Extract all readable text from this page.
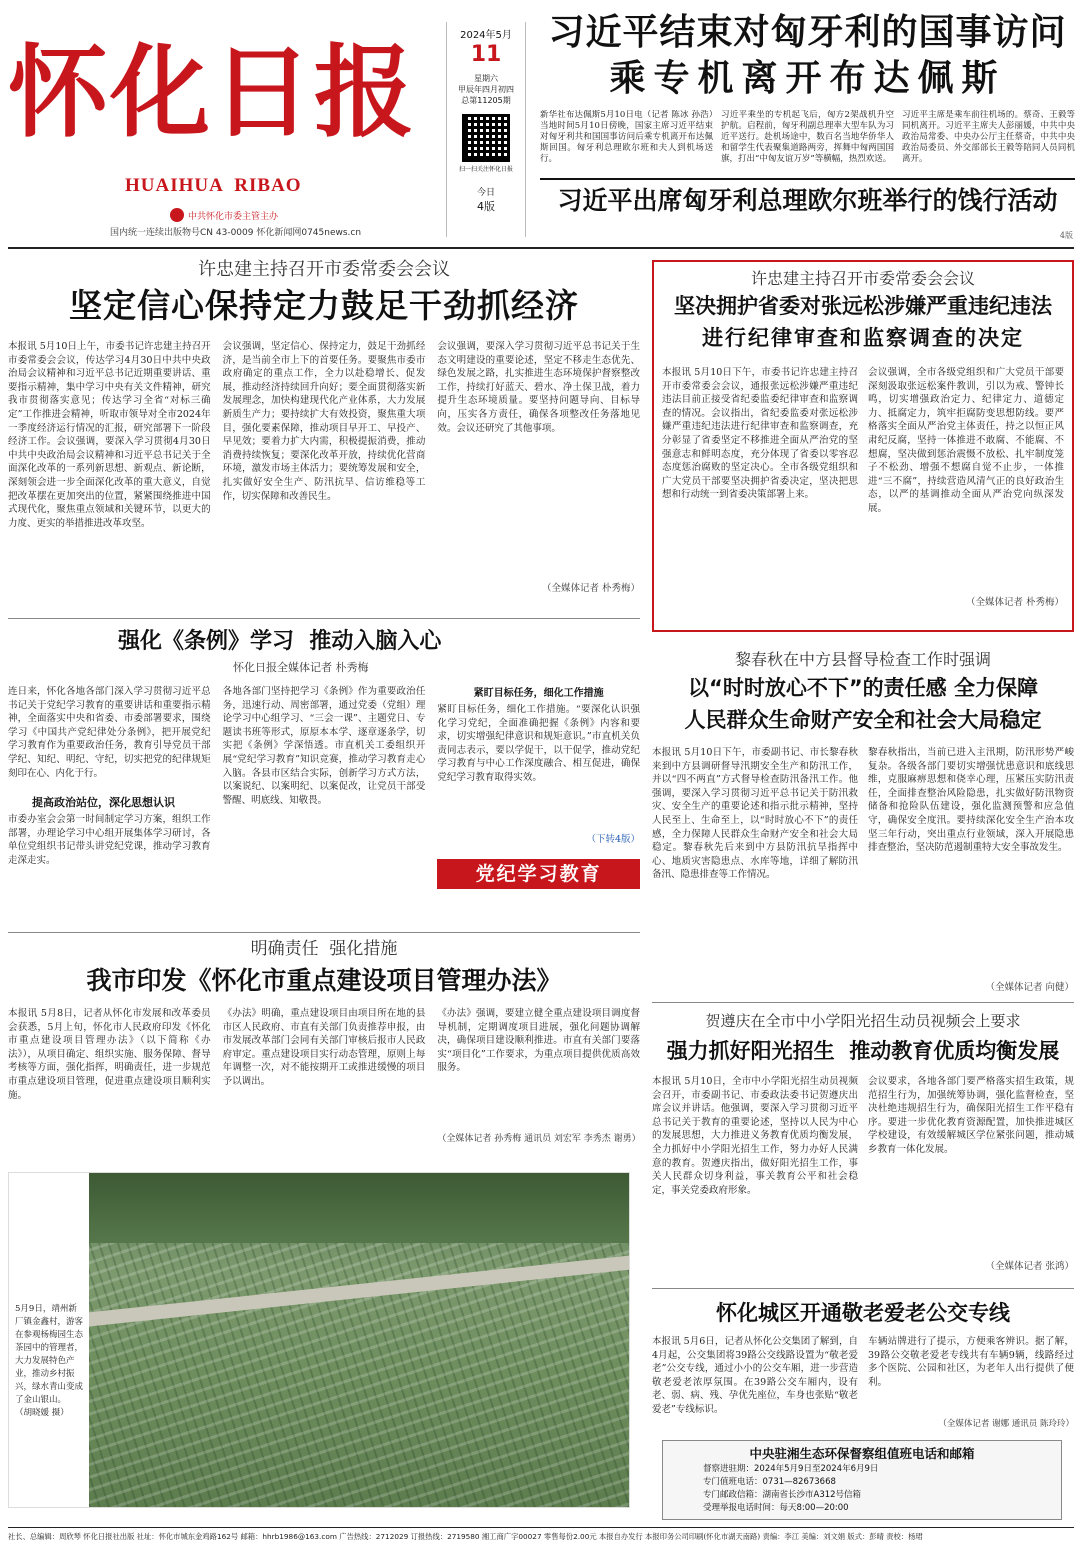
怀化日报
HUAIHUA  RIBAO
中共怀化市委主管主办
国内统一连续出版物号CN 43-0009 怀化新闻网0745news.cn
2024年5月
11
星期六
甲辰年四月初四
总第11205期
扫一扫关注怀化日报
今日
4版
习近平结束对匈牙利的国事访问
乘专机离开布达佩斯
新华社布达佩斯5月10日电（记者 陈冰 孙浩）当地时间5月10日傍晚，国家主席习近平结束对匈牙利共和国国事访问后乘专机离开布达佩斯回国。匈牙利总理欧尔班和夫人到机场送行。
习近平乘坐的专机起飞后，匈方2架战机升空护航。启程前，匈牙利副总理率大型车队为习近平送行。赴机场途中，数百名当地华侨华人和留学生代表聚集道路两旁，挥舞中匈两国国旗，打出“中匈友谊万岁”等横幅，热烈欢送。
习近平主席是乘车前往机场的。蔡奇、王毅等同机离开。习近平主席夫人彭丽媛，中共中央政治局常委、中央办公厅主任蔡奇，中共中央政治局委员、外交部部长王毅等陪同人员同机离开。
习近平出席匈牙利总理欧尔班举行的饯行活动
4版
许忠建主持召开市委常委会会议
坚定信心保持定力鼓足干劲抓经济
本报讯 5月10日上午，市委书记许忠建主持召开市委常委会会议，传达学习4月30日中共中央政治局会议精神和习近平总书记近期重要讲话、重要指示精神，集中学习中央有关文件精神，研究我市贯彻落实意见；传达学习全省“对标三确定”工作推进会精神，听取市领导对全市2024年一季度经济运行情况的汇报，研究部署下一阶段经济工作。会议强调，要深入学习贯彻4月30日中共中央政治局会议精神和习近平总书记关于全面深化改革的一系列新思想、新观点、新论断，深刻领会进一步全面深化改革的重大意义，自觉把改革摆在更加突出的位置，紧紧围绕推进中国式现代化，聚焦重点领域和关键环节，以更大的力度、更实的举措推进改革攻坚。
会议强调，坚定信心、保持定力，鼓足干劲抓经济，是当前全市上下的首要任务。要聚焦市委市政府确定的重点工作，全力以赴稳增长、促发展，推动经济持续回升向好；要全面贯彻落实新发展理念，加快构建现代化产业体系，大力发展新质生产力；要持续扩大有效投资，聚焦重大项目，强化要素保障，推动项目早开工、早投产、早见效；要着力扩大内需，积极提振消费，推动消费持续恢复；要深化改革开放，持续优化营商环境，激发市场主体活力；要统筹发展和安全，扎实做好安全生产、防汛抗旱、信访维稳等工作，切实保障和改善民生。
会议强调，要深入学习贯彻习近平总书记关于生态文明建设的重要论述，坚定不移走生态优先、绿色发展之路，扎实推进生态环境保护督察整改工作，持续打好蓝天、碧水、净土保卫战，着力提升生态环境质量。要坚持问题导向、目标导向，压实各方责任，确保各项整改任务落地见效。会议还研究了其他事项。
（全媒体记者 朴秀梅）
许忠建主持召开市委常委会会议
坚决拥护省委对张远松涉嫌严重违纪违法
进行纪律审查和监察调查的决定
本报讯 5月10日下午，市委书记许忠建主持召开市委常委会会议，通报张远松涉嫌严重违纪违法目前正接受省纪委监委纪律审查和监察调查的情况。会议指出，省纪委监委对张远松涉嫌严重违纪违法进行纪律审查和监察调查，充分彰显了省委坚定不移推进全面从严治党的坚强意志和鲜明态度，充分体现了省委以零容忍态度惩治腐败的坚定决心。全市各级党组织和广大党员干部要坚决拥护省委决定，坚决把思想和行动统一到省委决策部署上来。
会议强调，全市各级党组织和广大党员干部要深刻汲取张远松案件教训，引以为戒、警钟长鸣，切实增强政治定力、纪律定力、道德定力、抵腐定力，筑牢拒腐防变思想防线。要严格落实全面从严治党主体责任，持之以恒正风肃纪反腐，坚持一体推进不敢腐、不能腐、不想腐，坚决做到惩治震慑不放松、扎牢制度笼子不松劲、增强不想腐自觉不止步，一体推进“三不腐”，持续营造风清气正的良好政治生态，以严的基调推动全面从严治党向纵深发展。
（全媒体记者 朴秀梅）
强化《条例》学习  推动入脑入心
怀化日报全媒体记者 朴秀梅
连日来，怀化各地各部门深入学习贯彻习近平总书记关于党纪学习教育的重要讲话和重要指示精神，全面落实中央和省委、市委部署要求，围绕学习《中国共产党纪律处分条例》，把开展党纪学习教育作为重要政治任务，教育引导党员干部学纪、知纪、明纪、守纪，切实把党的纪律规矩刻印在心、内化于行。
提高政治站位，深化思想认识
市委办室会会第一时间制定学习方案，组织工作部署，办理论学习中心组开展集体学习研讨，各单位党组织书记带头讲党纪党课，推动学习教育走深走实。
各地各部门坚持把学习《条例》作为重要政治任务，迅速行动、周密部署，通过党委（党组）理论学习中心组学习、“三会一课”、主题党日、专题读书班等形式，原原本本学、逐章逐条学，切实把《条例》学深悟透。市直机关工委组织开展“党纪学习教育”知识竞赛，推动学习教育走心入脑。各县市区结合实际，创新学习方式方法，以案说纪、以案明纪、以案促改，让党员干部受警醒、明底线、知敬畏。
紧盯目标任务，细化工作措施
紧盯目标任务，细化工作措施。“要深化认识强化学习党纪，全面准确把握《条例》内容和要求，切实增强纪律意识和规矩意识。”市直机关负责同志表示，要以学促干，以干促学，推动党纪学习教育与中心工作深度融合、相互促进，确保党纪学习教育取得实效。
（下转4版）
党纪学习教育
黎春秋在中方县督导检查工作时强调
以“时时放心不下”的责任感 全力保障
人民群众生命财产安全和社会大局稳定
本报讯 5月10日下午，市委副书记、市长黎春秋来到中方县调研督导汛期安全生产和防汛工作，并以“四不两直”方式督导检查防汛备汛工作。他强调，要深入学习贯彻习近平总书记关于防汛救灾、安全生产的重要论述和指示批示精神，坚持人民至上、生命至上，以“时时放心不下”的责任感，全力保障人民群众生命财产安全和社会大局稳定。黎春秋先后来到中方县防汛抗旱指挥中心、地质灾害隐患点、水库等地，详细了解防汛备汛、隐患排查等工作情况。
黎春秋指出，当前已进入主汛期，防汛形势严峻复杂。各级各部门要切实增强忧患意识和底线思维，克服麻痹思想和侥幸心理，压紧压实防汛责任，全面排查整治风险隐患，扎实做好防汛物资储备和抢险队伍建设，强化监测预警和应急值守，确保安全度汛。要持续深化安全生产治本攻坚三年行动，突出重点行业领域，深入开展隐患排查整治，坚决防范遏制重特大安全事故发生。
（全媒体记者 向健）
明确责任  强化措施
我市印发《怀化市重点建设项目管理办法》
本报讯 5月8日，记者从怀化市发展和改革委员会获悉，5月上旬，怀化市人民政府印发《怀化市重点建设项目管理办法》（以下简称《办法》），从项目确定、组织实施、服务保障、督导考核等方面，强化指挥，明确责任，进一步规范市重点建设项目管理，促进重点建设项目顺利实施。
《办法》明确，重点建设项目由项目所在地的县市区人民政府、市直有关部门负责推荐申报，由市发展改革部门会同有关部门审核后报市人民政府审定。重点建设项目实行动态管理，原则上每年调整一次，对不能按期开工或推进缓慢的项目予以调出。
《办法》强调，要建立健全重点建设项目调度督导机制，定期调度项目进展，强化问题协调解决，确保项目建设顺利推进。市直有关部门要落实“项目化”工作要求，为重点项目提供优质高效服务。
（全媒体记者 孙秀梅 通讯员 刘宏军 李秀杰 谢勇）
贺遵庆在全市中小学阳光招生动员视频会上要求
强力抓好阳光招生  推动教育优质均衡发展
本报讯 5月10日，全市中小学阳光招生动员视频会召开，市委副书记、市委政法委书记贺遵庆出席会议并讲话。他强调，要深入学习贯彻习近平总书记关于教育的重要论述，坚持以人民为中心的发展思想，大力推进义务教育优质均衡发展，全力抓好中小学阳光招生工作，努力办好人民满意的教育。贺遵庆指出，做好阳光招生工作，事关人民群众切身利益，事关教育公平和社会稳定，事关党委政府形象。
会议要求，各地各部门要严格落实招生政策，规范招生行为，加强统筹协调，强化监督检查，坚决杜绝违规招生行为，确保阳光招生工作平稳有序。要进一步优化教育资源配置，加快推进城区学校建设，有效缓解城区学位紧张问题，推动城乡教育一体化发展。
（全媒体记者 张鸿）
5月9日，靖州新厂镇金鑫村，游客在参观杨梅园生态茶园中的管理者，大力发展特色产业，推动乡村振兴，绿水青山变成了金山银山。 （胡晓媛 摄）
怀化城区开通敬老爱老公交专线
本报讯 5月6日，记者从怀化公交集团了解到，自4月起，公交集团将39路公交线路设置为“敬老爱老”公交专线，通过小小的公交车厢，进一步营造敬老爱老浓厚氛围。在39路公交车厢内，设有老、弱、病、残、孕优先座位，车身也张贴“敬老爱老”专线标识。
车辆站牌进行了提示，方便乘客辨识。据了解，39路公交敬老爱老专线共有车辆9辆，线路经过多个医院、公园和社区，为老年人出行提供了便利。
（全媒体记者 谢娜 通讯员 陈玲玲）
中央驻湘生态环保督察组值班电话和邮箱
督察进驻期：2024年5月9日至2024年6月9日
专门值班电话：0731—82673668
专门邮政信箱：湖南省长沙市A312号信箱
受理举报电话时间：每天8:00—20:00
社长、总编辑：周欣琴 怀化日报社出版 社址：怀化市城东金鸡路162号 邮箱：hhrb1986@163.com 广告热线：2712029 订报热线：2719580 湘工商广字00027 零售每份2.00元 本报自办发行 本报印务公司印刷(怀化市湖天南路) 责编：李江 美编：刘文娟 版式：彭晴 责校：杨珺
